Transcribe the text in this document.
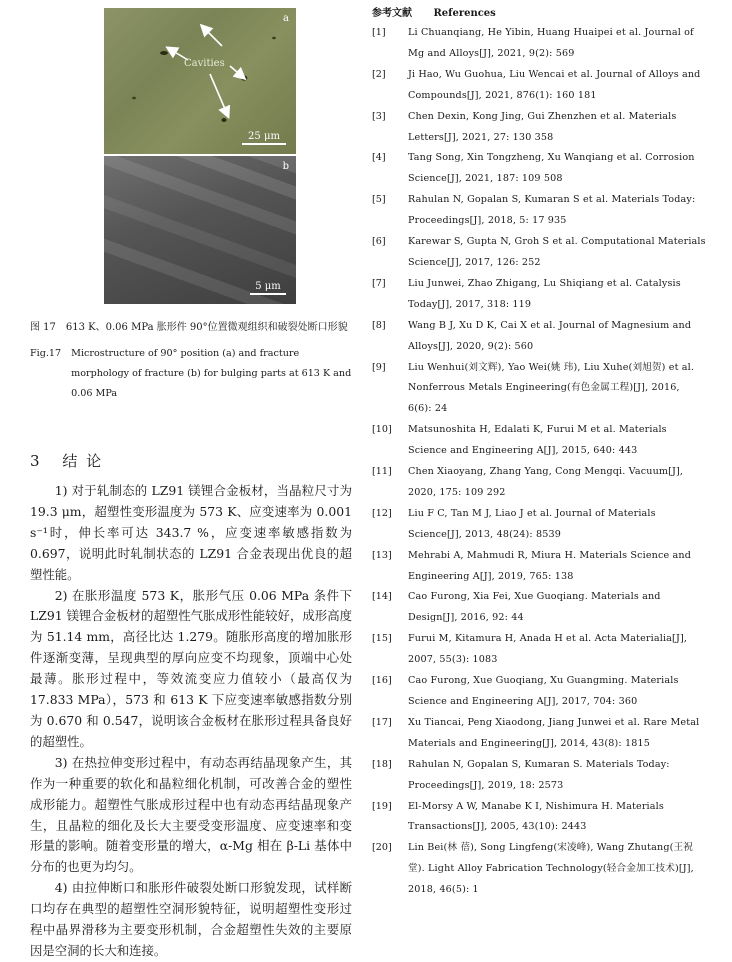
a
Cavities
25 μm
b
5 μm
图 17	613 K、0.06 MPa 胀形件 90°位置微观组织和破裂处断口形貌
Fig.17	Microstructure of 90° position (a) and fracture morphology of fracture (b) for bulging parts at 613 K and 0.06 MPa
3 结 论

1) 对于轧制态的 LZ91 镁锂合金板材，当晶粒尺寸为 19.3 μm，超塑性变形温度为 573 K、应变速率为 0.001 s⁻¹时，伸长率可达 343.7 %，应变速率敏感指数为 0.697，说明此时轧制状态的 LZ91 合金表现出优良的超塑性能。

2) 在胀形温度 573 K，胀形气压 0.06 MPa 条件下 LZ91 镁锂合金板材的超塑性气胀成形性能较好，成形高度为 51.14 mm，高径比达 1.279。随胀形高度的增加胀形件逐渐变薄，呈现典型的厚向应变不均现象，顶端中心处最薄。胀形过程中，等效流变应力值较小（最高仅为 17.833 MPa），573 和 613 K 下应变速率敏感指数分别为 0.670 和 0.547，说明该合金板材在胀形过程具备良好的超塑性。

3) 在热拉伸变形过程中，有动态再结晶现象产生，其作为一种重要的软化和晶粒细化机制，可改善合金的塑性成形能力。超塑性气胀成形过程中也有动态再结晶现象产生，且晶粒的细化及长大主要受变形温度、应变速率和变形量的影响。随着变形量的增大，α-Mg 相在 β-Li 基体中分布的也更为均匀。

4) 由拉伸断口和胀形件破裂处断口形貌发现，试样断口均存在典型的超塑性空洞形貌特征，说明超塑性变形过程中晶界滑移为主要变形机制，合金超塑性失效的主要原因是空洞的长大和连接。

参考文献 References
[1]	Li Chuanqiang, He Yibin, Huang Huaipei et al. Journal of Mg and Alloys[J], 2021, 9(2): 569
[2]	Ji Hao, Wu Guohua, Liu Wencai et al. Journal of Alloys and Compounds[J], 2021, 876(1): 160 181
[3]	Chen Dexin, Kong Jing, Gui Zhenzhen et al. Materials Letters[J], 2021, 27: 130 358
[4]	Tang Song, Xin Tongzheng, Xu Wanqiang et al. Corrosion Science[J], 2021, 187: 109 508
[5]	Rahulan N, Gopalan S, Kumaran S et al. Materials Today: Proceedings[J], 2018, 5: 17 935
[6]	Karewar S, Gupta N, Groh S et al. Computational Materials Science[J], 2017, 126: 252
[7]	Liu Junwei, Zhao Zhigang, Lu Shiqiang et al. Catalysis Today[J], 2017, 318: 119
[8]	Wang B J, Xu D K, Cai X et al. Journal of Magnesium and Alloys[J], 2020, 9(2): 560
[9]	Liu Wenhui(刘文辉), Yao Wei(姚 玮), Liu Xuhe(刘旭贺) et al. Nonferrous Metals Engineering(有色金属工程)[J], 2016, 6(6): 24
[10]	Matsunoshita H, Edalati K, Furui M et al. Materials Science and Engineering A[J], 2015, 640: 443
[11]	Chen Xiaoyang, Zhang Yang, Cong Mengqi. Vacuum[J], 2020, 175: 109 292
[12]	Liu F C, Tan M J, Liao J et al. Journal of Materials Science[J], 2013, 48(24): 8539
[13]	Mehrabi A, Mahmudi R, Miura H. Materials Science and Engineering A[J], 2019, 765: 138
[14]	Cao Furong, Xia Fei, Xue Guoqiang. Materials and Design[J], 2016, 92: 44
[15]	Furui M, Kitamura H, Anada H et al. Acta Materialia[J], 2007, 55(3): 1083
[16]	Cao Furong, Xue Guoqiang, Xu Guangming. Materials Science and Engineering A[J], 2017, 704: 360
[17]	Xu Tiancai, Peng Xiaodong, Jiang Junwei et al. Rare Metal Materials and Engineering[J], 2014, 43(8): 1815
[18]	Rahulan N, Gopalan S, Kumaran S. Materials Today: Proceedings[J], 2019, 18: 2573
[19]	El-Morsy A W, Manabe K I, Nishimura H. Materials Transactions[J], 2005, 43(10): 2443
[20]	Lin Bei(林 蓓), Song Lingfeng(宋凌峰), Wang Zhutang(王祝堂). Light Alloy Fabrication Technology(轻合金加工技术)[J], 2018, 46(5): 1
